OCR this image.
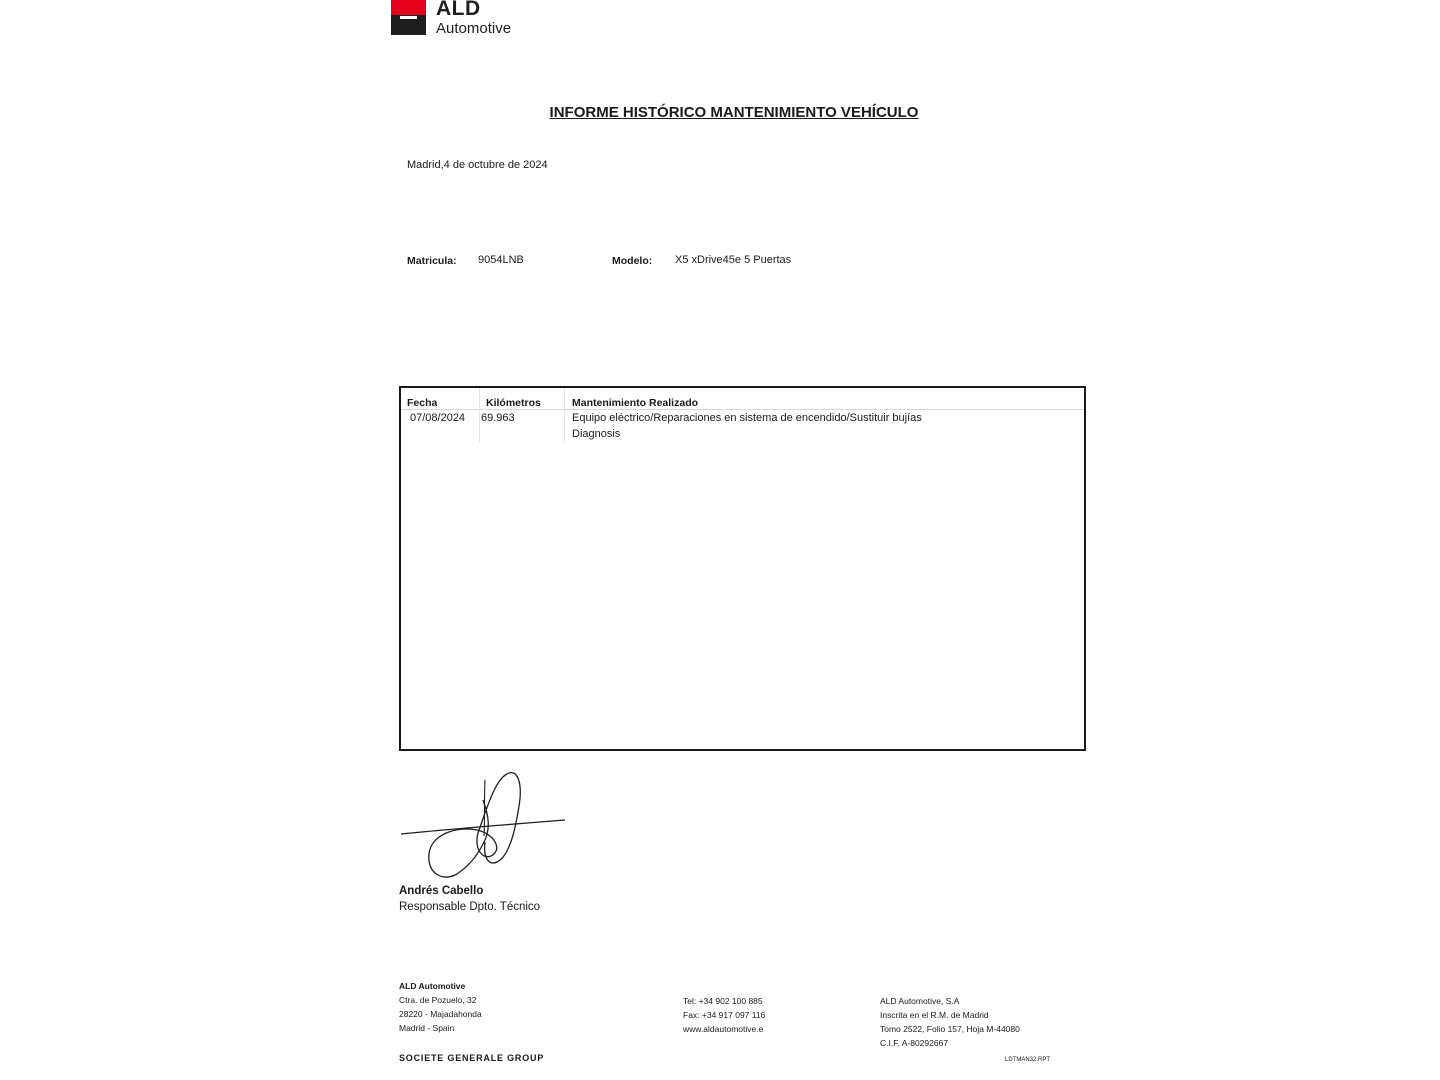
ALD
Automotive
INFORME HISTÓRICO MANTENIMIENTO VEHÍCULO
Madrid,4 de octubre de 2024
Matricula: 9054LNB	Modelo: X5 xDrive45e 5 Puertas
Fecha	Kilómetros	Mantenimiento Realizado
07/08/2024 69.963	Equipo eléctrico/Reparaciones en sistema de encendido/Sustituir bujías
Diagnosis
Andrés Cabello
Responsable Dpto. Técnico
ALD Automotive
Ctra. de Pozuelo, 32
28220 - Majadahonda
Madrid - Spain
Tel: +34 902 100 885
Fax: +34 917 097 116
www.aldautomotive.e
ALD Automotive, S.A
Inscrita en el R.M. de Madrid
Tomo 2522, Folio 157, Hoja M-44080
C.I.F. A-80292667
SOCIETE GENERALE GROUP	LDTMAN32.RPT
